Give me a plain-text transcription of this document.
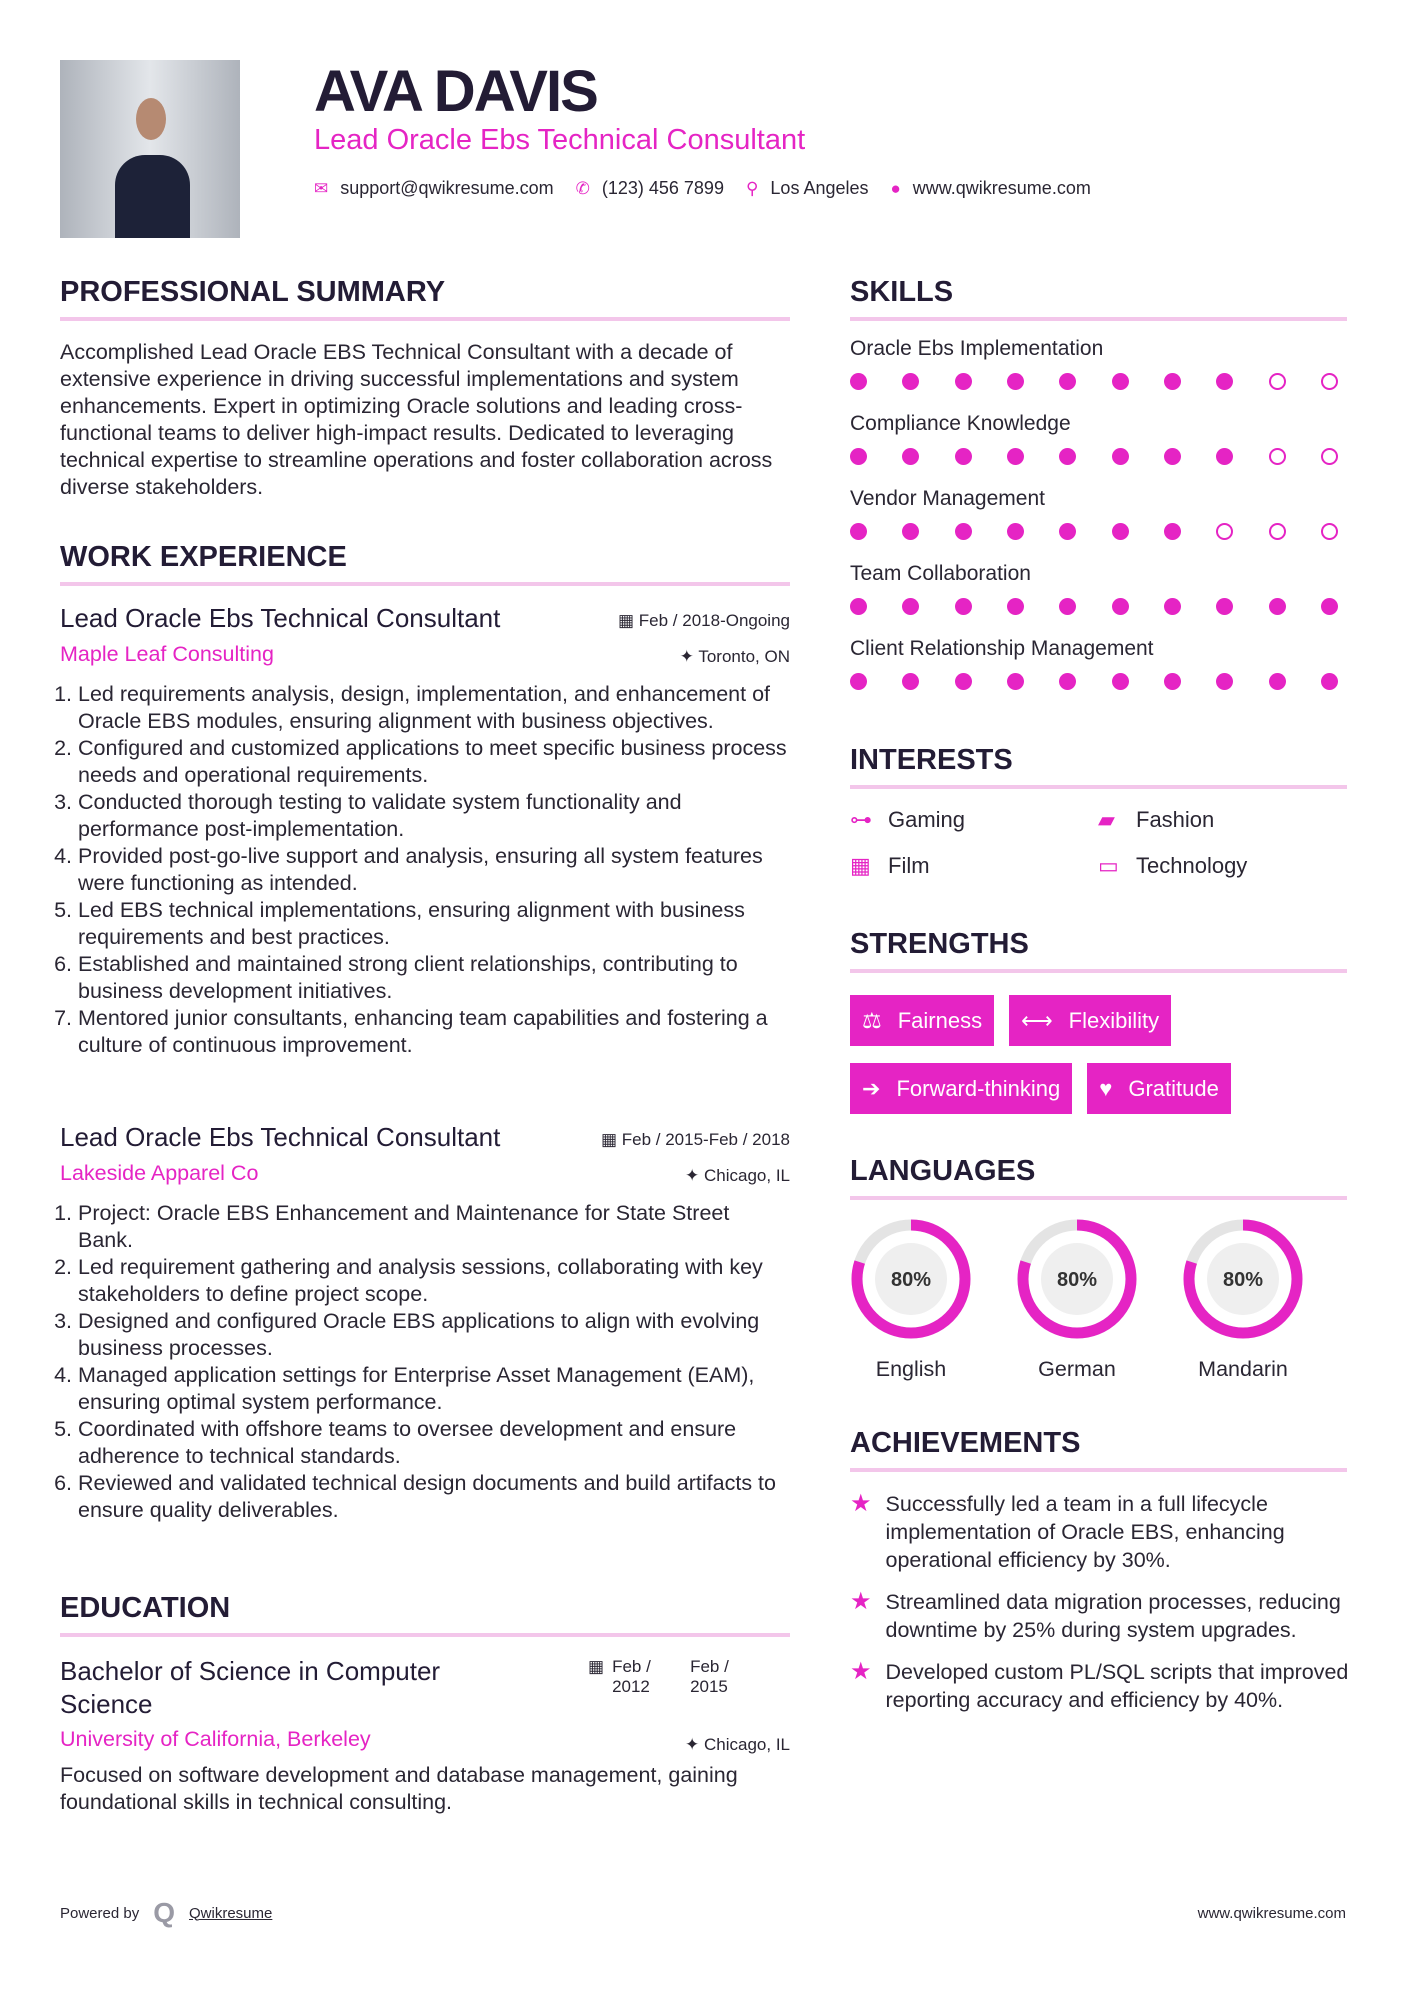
AVA DAVIS
Lead Oracle Ebs Technical Consultant
✉ support@qwikresume.com ✆ (123) 456 7899 ⚲ Los Angeles ● www.qwikresume.com
PROFESSIONAL SUMMARY
Accomplished Lead Oracle EBS Technical Consultant with a decade of extensive experience in driving successful implementations and system enhancements. Expert in optimizing Oracle solutions and leading cross-functional teams to deliver high-impact results. Dedicated to leveraging technical expertise to streamline operations and foster collaboration across diverse stakeholders.
WORK EXPERIENCE
Lead Oracle Ebs Technical Consultant	▦ Feb / 2018-Ongoing
Maple Leaf Consulting	✦ Toronto, ON
1. Led requirements analysis, design, implementation, and enhancement of Oracle EBS modules, ensuring alignment with business objectives.
2. Configured and customized applications to meet specific business process needs and operational requirements.
3. Conducted thorough testing to validate system functionality and performance post-implementation.
4. Provided post-go-live support and analysis, ensuring all system features were functioning as intended.
5. Led EBS technical implementations, ensuring alignment with business requirements and best practices.
6. Established and maintained strong client relationships, contributing to business development initiatives.
7. Mentored junior consultants, enhancing team capabilities and fostering a culture of continuous improvement.
Lead Oracle Ebs Technical Consultant	▦ Feb / 2015-Feb / 2018
Lakeside Apparel Co	✦ Chicago, IL
1. Project: Oracle EBS Enhancement and Maintenance for State Street Bank.
2. Led requirement gathering and analysis sessions, collaborating with key stakeholders to define project scope.
3. Designed and configured Oracle EBS applications to align with evolving business processes.
4. Managed application settings for Enterprise Asset Management (EAM), ensuring optimal system performance.
5. Coordinated with offshore teams to oversee development and ensure adherence to technical standards.
6. Reviewed and validated technical design documents and build artifacts to ensure quality deliverables.
EDUCATION
Bachelor of Science in Computer Science
▦ Feb / 2012
Feb / 2015
University of California, Berkeley	✦ Chicago, IL
Focused on software development and database management, gaining foundational skills in technical consulting.
Powered by Q Qwikresume	www.qwikresume.com
SKILLS
Oracle Ebs Implementation
Compliance Knowledge
Vendor Management
Team Collaboration
Client Relationship Management
INTERESTS
⊶ Gaming	▰ Fashion
▦ Film	▭ Technology
STRENGTHS
⚖ Fairness ⟷ Flexibility
➔ Forward-thinking ♥ Gratitude
LANGUAGES
80%
English
80%
German
80%
Mandarin
ACHIEVEMENTS
★ Successfully led a team in a full lifecycle implementation of Oracle EBS, enhancing operational efficiency by 30%.
★ Streamlined data migration processes, reducing downtime by 25% during system upgrades.
★ Developed custom PL/SQL scripts that improved reporting accuracy and efficiency by 40%.
